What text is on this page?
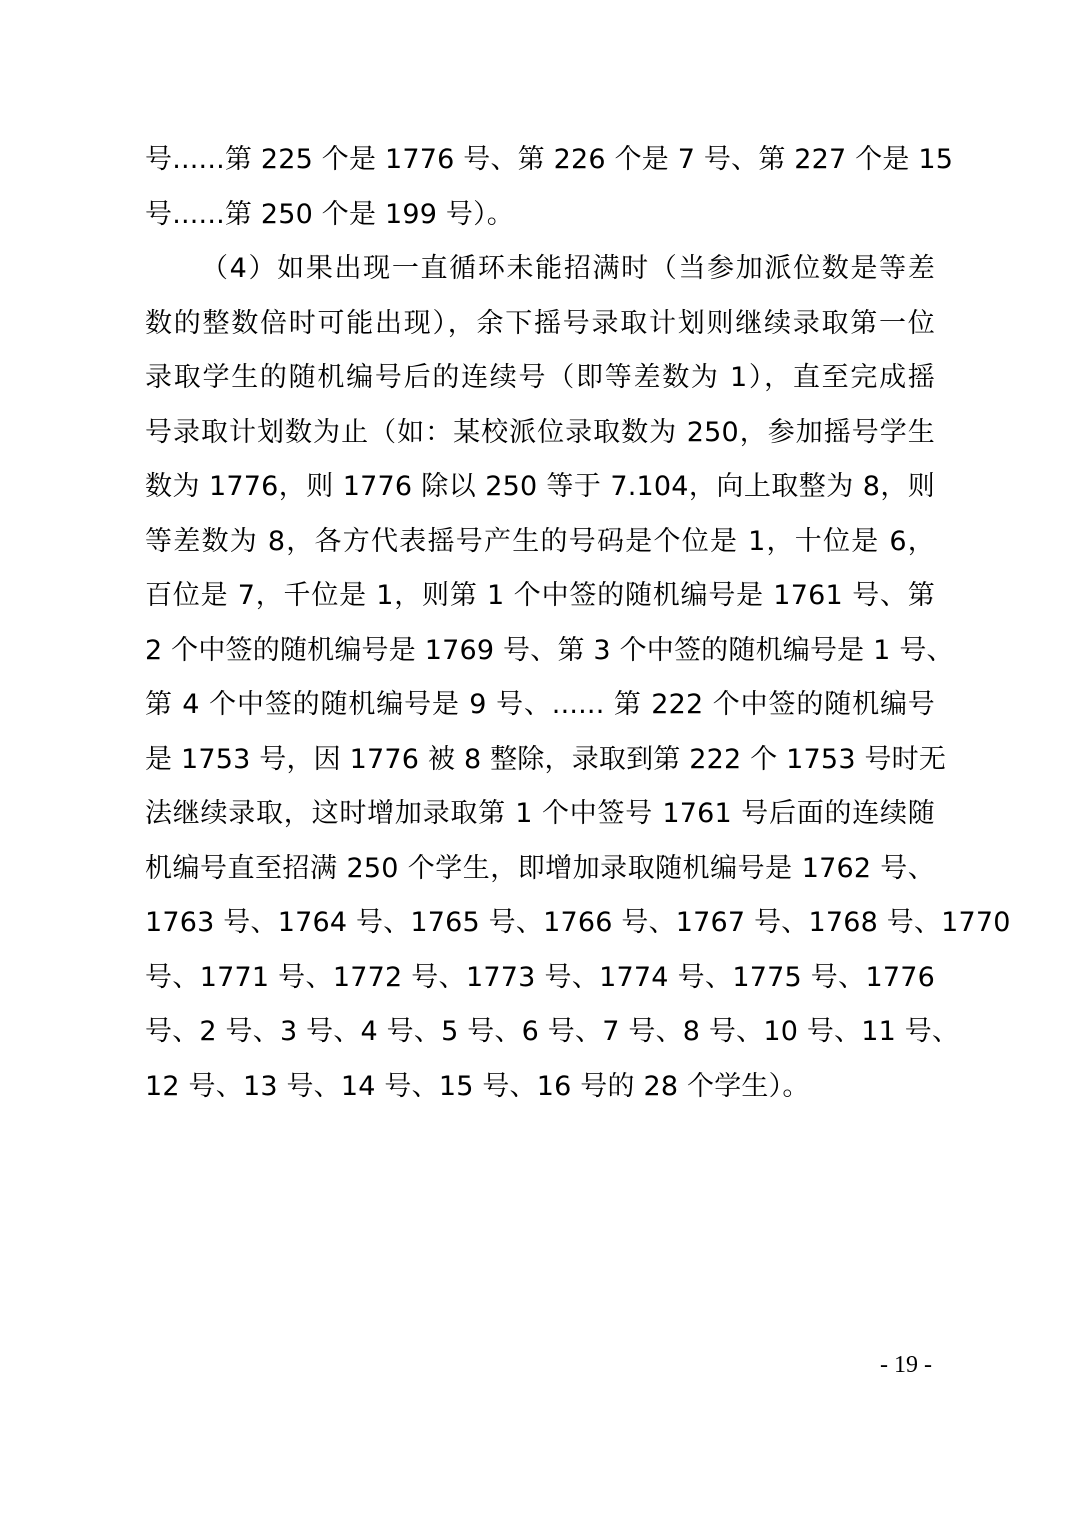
号......第 225 个是 1776 号、第 226 个是 7 号、第 227 个是 15
号......第 250 个是 199 号）。
（4）如果出现一直循环未能招满时（当参加派位数是等差
数的整数倍时可能出现），余下摇号录取计划则继续录取第一位
录取学生的随机编号后的连续号（即等差数为 1），直至完成摇
号录取计划数为止（如：某校派位录取数为 250，参加摇号学生
数为 1776，则 1776 除以 250 等于 7.104，向上取整为 8，则
等差数为 8，各方代表摇号产生的号码是个位是 1，十位是 6，
百位是 7，千位是 1，则第 1 个中签的随机编号是 1761 号、第
2 个中签的随机编号是 1769 号、第 3 个中签的随机编号是 1 号、
第 4 个中签的随机编号是 9 号、...... 第 222 个中签的随机编号
是 1753 号，因 1776 被 8 整除，录取到第 222 个 1753 号时无
法继续录取，这时增加录取第 1 个中签号 1761 号后面的连续随
机编号直至招满 250 个学生，即增加录取随机编号是 1762 号、
1763 号、1764 号、1765 号、1766 号、1767 号、1768 号、1770
号、1771 号、1772 号、1773 号、1774 号、1775 号、1776
号、2 号、3 号、4 号、5 号、6 号、7 号、8 号、10 号、11 号、
12 号、13 号、14 号、15 号、16 号的 28 个学生）。
- 19 -
